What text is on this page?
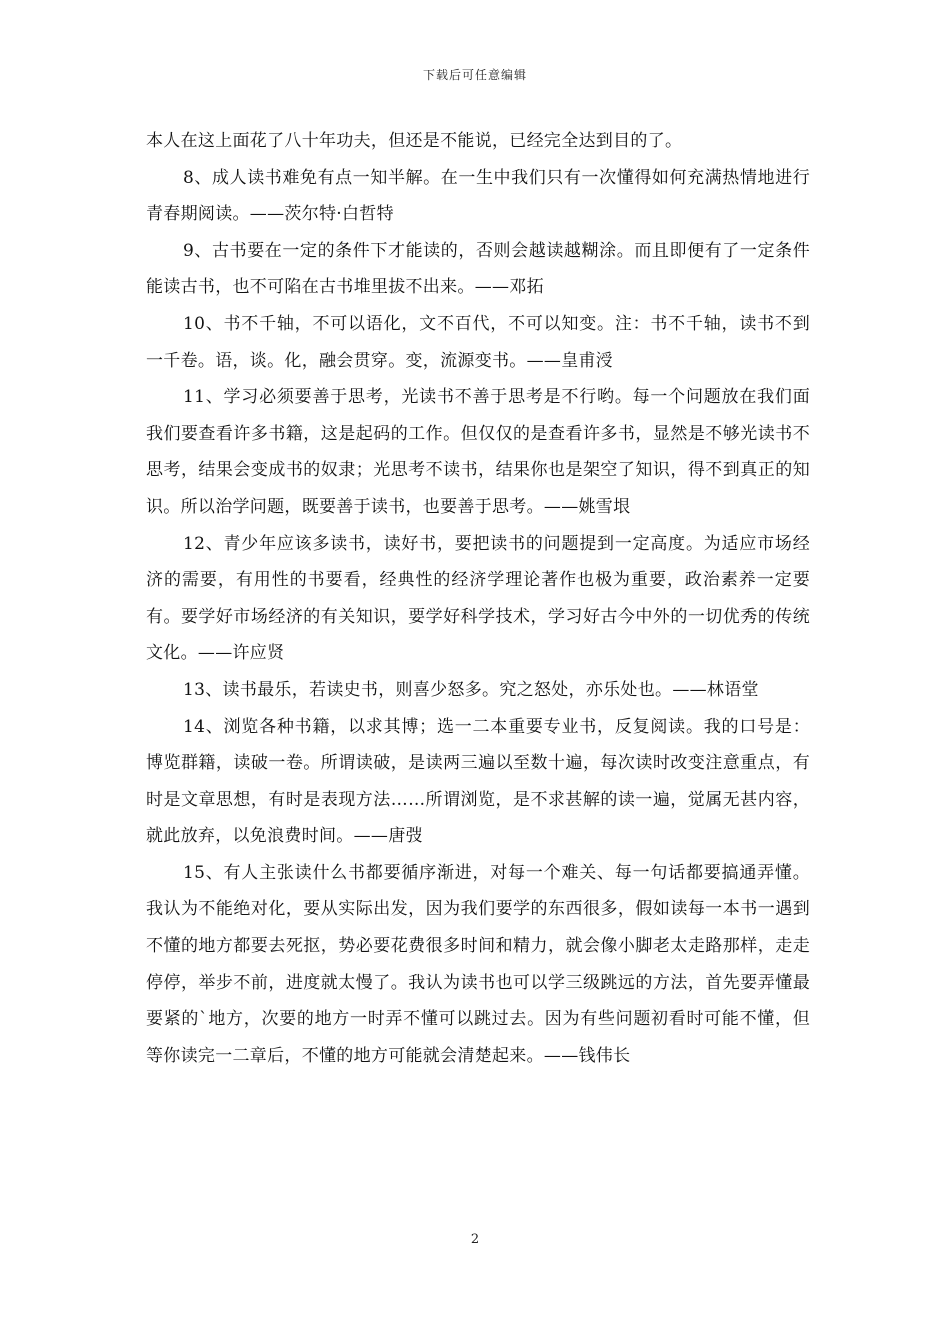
下载后可任意编辑

本人在这上面花了八十年功夫，但还是不能说，已经完全达到目的了。

8、成人读书难免有点一知半解。在一生中我们只有一次懂得如何充满热情地进行青春期阅读。——茨尔特·白哲特

9、古书要在一定的条件下才能读的，否则会越读越糊涂。而且即便有了一定条件能读古书，也不可陷在古书堆里拔不出来。——邓拓

10、书不千轴，不可以语化，文不百代，不可以知变。注：书不千轴，读书不到一千卷。语，谈。化，融会贯穿。变，流源变书。——皇甫涭

11、学习必须要善于思考，光读书不善于思考是不行哟。每一个问题放在我们面我们要查看许多书籍，这是起码的工作。但仅仅的是查看许多书，显然是不够光读书不思考，结果会变成书的奴隶；光思考不读书，结果你也是架空了知识，得不到真正的知识。所以治学问题，既要善于读书，也要善于思考。——姚雪垠

12、青少年应该多读书，读好书，要把读书的问题提到一定高度。为适应市场经济的需要，有用性的书要看，经典性的经济学理论著作也极为重要，政治素养一定要有。要学好市场经济的有关知识，要学好科学技术，学习好古今中外的一切优秀的传统文化。——许应贤

13、读书最乐，若读史书，则喜少怒多。究之怒处，亦乐处也。——林语堂

14、浏览各种书籍，以求其博；选一二本重要专业书，反复阅读。我的口号是：博览群籍，读破一卷。所谓读破，是读两三遍以至数十遍，每次读时改变注意重点，有时是文章思想，有时是表现方法……所谓浏览，是不求甚解的读一遍，觉属无甚内容，就此放弃，以免浪费时间。——唐弢

15、有人主张读什么书都要循序渐进，对每一个难关、每一句话都要搞通弄懂。我认为不能绝对化，要从实际出发，因为我们要学的东西很多，假如读每一本书一遇到不懂的地方都要去死抠，势必要花费很多时间和精力，就会像小脚老太走路那样，走走停停，举步不前，进度就太慢了。我认为读书也可以学三级跳远的方法，首先要弄懂最要紧的`地方，次要的地方一时弄不懂可以跳过去。因为有些问题初看时可能不懂，但等你读完一二章后，不懂的地方可能就会清楚起来。——钱伟长

2
